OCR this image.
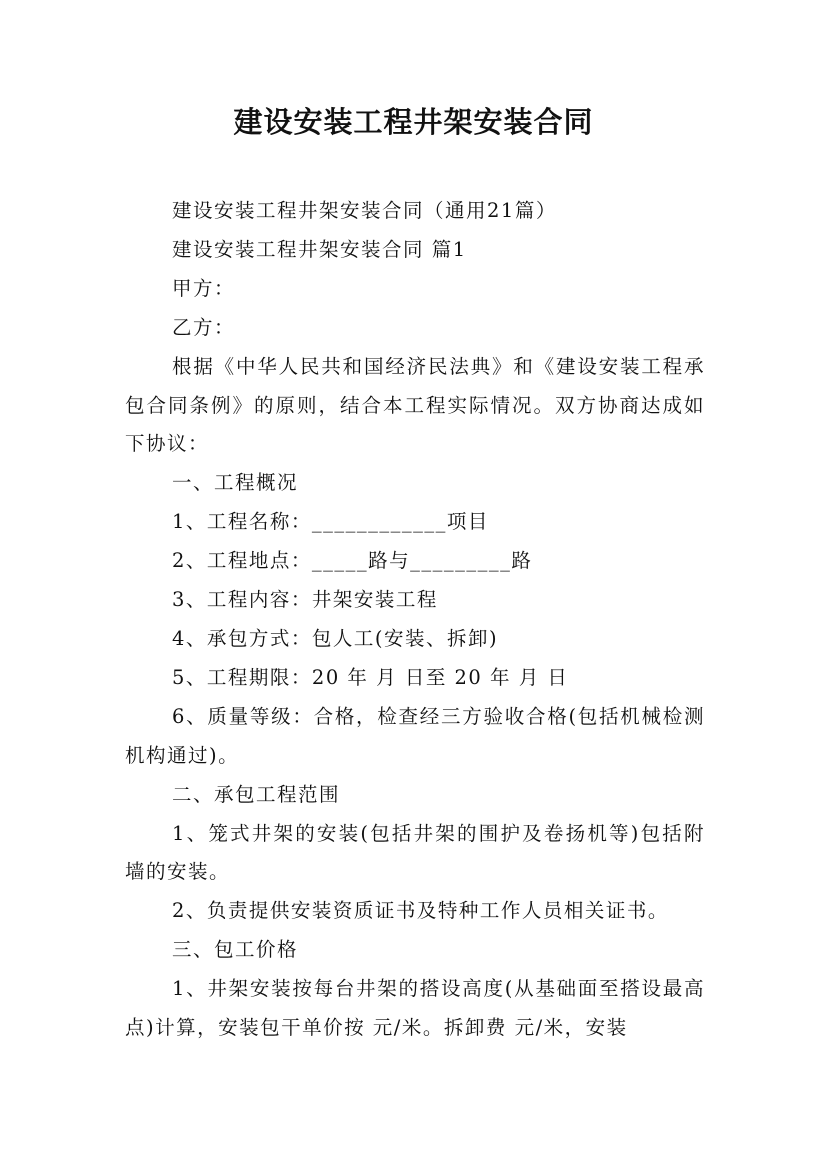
建设安装工程井架安装合同

建设安装工程井架安装合同（通用21篇）

建设安装工程井架安装合同 篇1

甲方：

乙方：

根据《中华人民共和国经济民法典》和《建设安装工程承包合同条例》的原则，结合本工程实际情况。双方协商达成如下协议：

一、工程概况

1、工程名称：____________项目

2、工程地点：_____路与_________路

3、工程内容：井架安装工程

4、承包方式：包人工(安装、拆卸)

5、工程期限：20 年 月 日至 20 年 月 日

6、质量等级：合格，检查经三方验收合格(包括机械检测机构通过)。

二、承包工程范围

1、笼式井架的安装(包括井架的围护及卷扬机等)包括附墙的安装。

2、负责提供安装资质证书及特种工作人员相关证书。

三、包工价格

1、井架安装按每台井架的搭设高度(从基础面至搭设最高点)计算，安装包干单价按 元/米。拆卸费 元/米，安装
